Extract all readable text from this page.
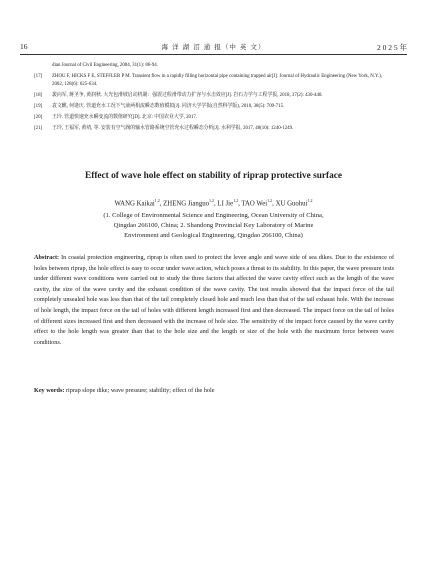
16	海 洋 湖 沼 通 报（中 英 文）	2 0 2 5 年
dian Journal of Civil Engineering, 2004, 31(1): 86-94.
[17] ZHOU F, HICKS F E, STEFFLER P M. Transient flow in a rapidly filling horizontal pipe containing trapped air[J]. Journal of Hydraulic Engineering (New York, N.Y.), 2002, 128(6): 625-634.
[18] 裴向军, 蒋圣争, 黄润秋. 大光包滑坡启动机制：强震过程滑带动力扩容与水击效应[J]. 岩石力学与工程学报, 2018, 37(2): 430-448.
[19] 袁文麒, 何逢庆. 管道充水工况下气液两相流瞬态数值模拟[J]. 同济大学学报(自然科学版), 2010, 38(5): 709-715.
[20] 王玲. 管道快速充水瞬变流的数值研究[D]. 北京: 中国农业大学, 2017.
[21] 王玲, 王福军, 黄靖, 等. 安装有空气阀的输水管路系统空管充水过程瞬态分析[J]. 水利学报, 2017, 48(10): 1240-1249.
Effect of wave hole effect on stability of riprap protective surface
WANG Kaikai$^{1,2}$, ZHENG Jianguo$^{1,2}$, LI Jie$^{1,2}$, TAO Wei$^{1,2}$, XU Guohui$^{1,2}$
(1. College of Environmental Science and Engineering, Ocean University of China,
Qingdao 266100, China; 2. Shandong Provincial Key Laboratory of Marine
Environment and Geological Engineering, Qingdao 266100, China)
Abstract: In coastal protection engineering, riprap is often used to protect the levee angle and wave side of sea dikes. Due to the existence of holes between riprap, the hole effect is easy to occur under wave action, which poses a threat to its stability. In this paper, the wave pressure tests under different wave conditions were carried out to study the three factors that affected the wave cavity effect such as the length of the wave cavity, the size of the wave cavity and the exhaust condition of the wave cavity. The test results showed that the impact force of the tail completely unsealed hole was less than that of the tail completely closed hole and much less than that of the tail exhaust hole. With the increase of hole length, the impact force on the tail of holes with different length increased first and then decreased. The impact force on the tail of holes of different sizes increased first and then decreased with the increase of hole size. The sensitivity of the impact force caused by the wave cavity effect to the hole length was greater than that to the hole size and the length or size of the hole with the maximum force between wave conditions.
Key words: riprap slope dike; wave pressure; stability; effect of the hole
